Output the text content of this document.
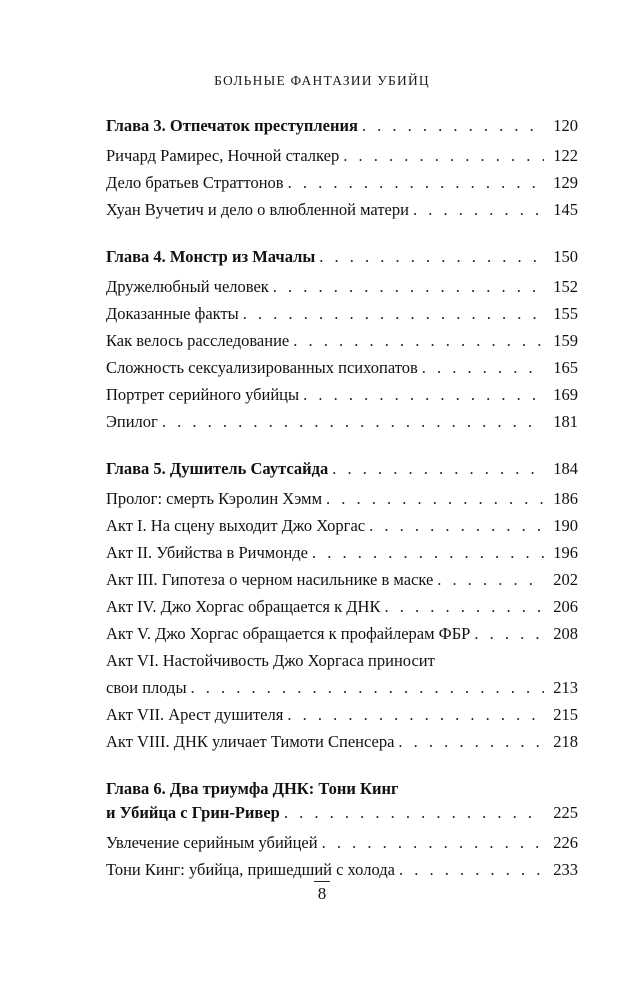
БОЛЬНЫЕ ФАНТАЗИИ УБИЙЦ
Глава 3. Отпечаток преступления . . .	120
Ричард Рамирес, Ночной сталкер . . .	122
Дело братьев Страттонов . . .	129
Хуан Вучетич и дело о влюбленной матери . . .	145
Глава 4. Монстр из Мачалы . . .	150
Дружелюбный человек . . .	152
Доказанные факты . . .	155
Как велось расследование . . .	159
Сложность сексуализированных психопатов . . .	165
Портрет серийного убийцы . . .	169
Эпилог . . .	181
Глава 5. Душитель Саутсайда . . .	184
Пролог: смерть Кэролин Хэмм . . .	186
Акт I. На сцену выходит Джо Хоргас . . .	190
Акт II. Убийства в Ричмонде . . .	196
Акт III. Гипотеза о черном насильнике в маске . . .	202
Акт IV. Джо Хоргас обращается к ДНК . . .	206
Акт V. Джо Хоргас обращается к профайлерам ФБР . . .	208
Акт VI. Настойчивость Джо Хоргаса приносит
свои плоды . . .	213
Акт VII. Арест душителя . . .	215
Акт VIII. ДНК уличает Тимоти Спенсера . . .	218
Глава 6. Два триумфа ДНК: Тони Кинг
и Убийца с Грин-Ривер . . .	225
Увлечение серийным убийцей . . .	226
Тони Кинг: убийца, пришедший с холода . . .	233
8
